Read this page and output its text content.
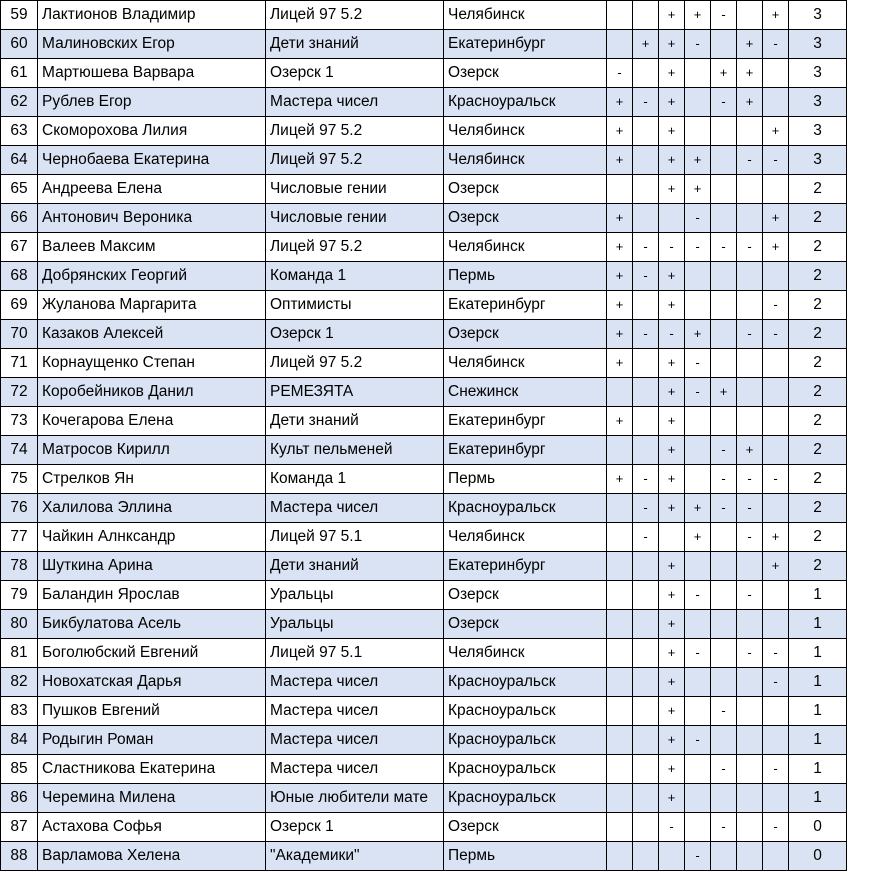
59	Лактионов Владимир	Лицей 97 5.2	Челябинск			+	+	-		+	3
60	Малиновских Егор	Дети знаний	Екатеринбург		+	+	-		+	-	3
61	Мартюшева Варвара	Озерск 1	Озерск	-		+		+	+		3
62	Рублев Егор	Мастера чисел	Красноуральск	+	-	+		-	+		3
63	Скоморохова Лилия	Лицей 97 5.2	Челябинск	+		+				+	3
64	Чернобаева Екатерина	Лицей 97 5.2	Челябинск	+		+	+		-	-	3
65	Андреева Елена	Числовые гении	Озерск			+	+				2
66	Антонович Вероника	Числовые гении	Озерск	+			-			+	2
67	Валеев Максим	Лицей 97 5.2	Челябинск	+	-	-	-	-	-	+	2
68	Добрянских Георгий	Команда 1	Пермь	+	-	+					2
69	Жуланова Маргарита	Оптимисты	Екатеринбург	+		+				-	2
70	Казаков Алексей	Озерск 1	Озерск	+	-	-	+		-	-	2
71	Корнаущенко Степан	Лицей 97 5.2	Челябинск	+		+	-				2
72	Коробейников Данил	РЕМЕЗЯТА	Снежинск			+	-	+			2
73	Кочегарова Елена	Дети знаний	Екатеринбург	+		+					2
74	Матросов Кирилл	Культ пельменей	Екатеринбург			+		-	+		2
75	Стрелков Ян	Команда 1	Пермь	+	-	+		-	-	-	2
76	Халилова Эллина	Мастера чисел	Красноуральск		-	+	+	-	-		2
77	Чайкин Алнксандр	Лицей 97 5.1	Челябинск		-		+		-	+	2
78	Шуткина Арина	Дети знаний	Екатеринбург			+				+	2
79	Баландин Ярослав	Уральцы	Озерск			+	-		-		1
80	Бикбулатова Асель	Уральцы	Озерск			+					1
81	Боголюбский Евгений	Лицей 97 5.1	Челябинск			+	-		-	-	1
82	Новохатская Дарья	Мастера чисел	Красноуральск			+				-	1
83	Пушков Евгений	Мастера чисел	Красноуральск			+		-			1
84	Родыгин Роман	Мастера чисел	Красноуральск			+	-				1
85	Сластникова Екатерина	Мастера чисел	Красноуральск			+		-		-	1
86	Черемина Милена	Юные любители мате	Красноуральск			+					1
87	Астахова Софья	Озерск 1	Озерск			-		-		-	0
88	Варламова Хелена	"Академики"	Пермь				-				0
